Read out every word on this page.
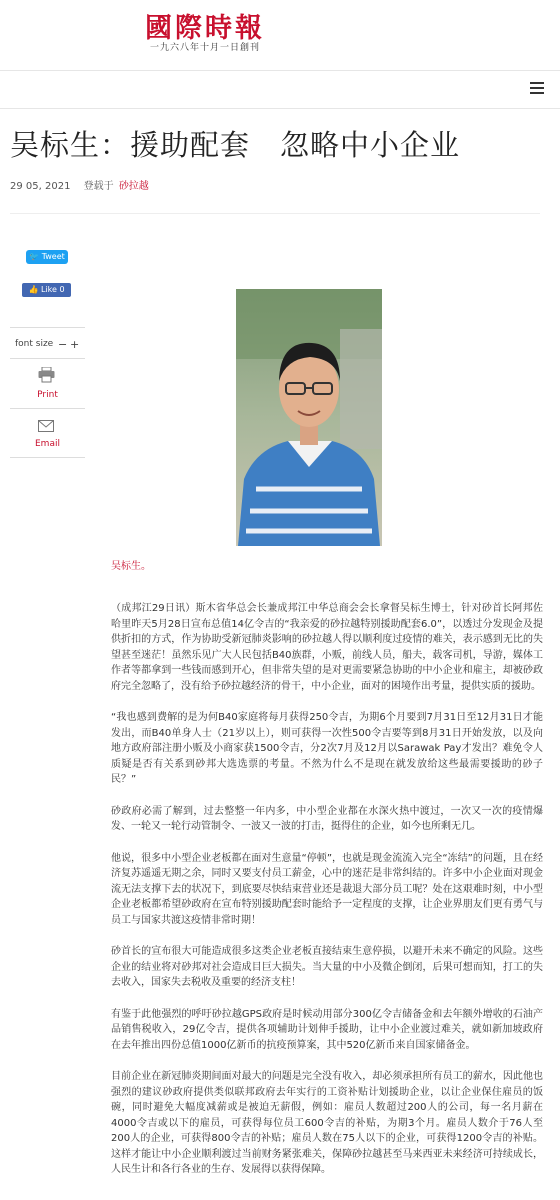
國際時報
一九六八年十月一日創刊
吴标生：援助配套　忽略中小企业
29 05, 2021 登载于 砂拉越
🐦 Tweet
👍 Like 0
font size − +
Print
Email
吴标生。

（成邦江29日讯）斯木省华总会长兼成邦江中华总商会会长拿督吴标生博士，针对砂首长阿邦佐哈里昨天5月28日宣布总值14亿令吉的“我亲爱的砂拉越特别援助配套6.0”，以透过分发现金及提供折扣的方式，作为协助受新冠肺炎影响的砂拉越人得以顺利度过疫情的难关，表示感到无比的失望甚至迷茫！虽然乐见广大人民包括B40族群，小贩，前线人员，船夫，载客司机，导游，媒体工作者等都拿到一些钱而感到开心，但非常失望的是对更需要紧急协助的中小企业和雇主，却被砂政府完全忽略了，没有给予砂拉越经济的骨干，中小企业，面对的困境作出考量，提供实质的援助。

“我也感到费解的是为何B40家庭将每月获得250令吉，为期6个月要到7月31日至12月31日才能发出，而B40单身人士（21岁以上），则可获得一次性500令吉要等到8月31日开始发放，以及向地方政府部注册小贩及小商家获1500令吉，分2次7月及12月以Sarawak Pay才发出？难免令人质疑是否有关系到砂邦大选选票的考量。不然为什么不是现在就发放给这些最需要援助的砂子民？”

砂政府必需了解到，过去整整一年内多，中小型企业都在水深火热中渡过，一次又一次的疫情爆发、一轮又一轮行动管制令、一波又一波的打击，挺得住的企业，如今也所剩无几。

他说，很多中小型企业老板都在面对生意量“停顿”，也就是现金流流入完全“冻结”的问题，且在经济复苏遥遥无期之余，同时又要支付员工薪金，心中的迷茫是非常纠结的。许多中小企业面对现金流无法支撑下去的状况下，到底要尽快结束营业还是裁退大部分员工呢？处在这艰难时刻，中小型企业老板都希望砂政府在宣布特别援助配套时能给予一定程度的支撑，让企业界朋友们更有勇气与员工与国家共渡这疫情非常时期！

砂首长的宣布很大可能造成很多这类企业老板直接结束生意停损，以避开未来不确定的风险。这些企业的结业将对砂邦对社会造成目巨大损失。当大量的中小及微企倒闭，后果可想而知，打工的失去收入，国家失去税收及重要的经济支柱！

有鉴于此他强烈的呼吁砂拉越GPS政府是时候动用部分300亿令吉储备金和去年额外增收的石油产品销售税收入，29亿令吉，提供各项辅助计划伸手援助，让中小企业渡过难关，就如新加坡政府在去年推出四份总值1000亿新币的抗疫预算案，其中520亿新币来自国家储备金。

目前企业在新冠肺炎期间面对最大的问题是完全没有收入，却必须承担所有员工的薪水，因此他也强烈的建议砂政府提供类似联邦政府去年实行的工资补贴计划援助企业，以让企业保住雇员的饭碗，同时避免大幅度减薪或是被迫无薪假，例如：雇员人数超过200人的公司，每一名月薪在4000令吉或以下的雇员，可获得每位员工600令吉的补贴，为期3个月。雇员人数介于76人至200人的企业，可获得800令吉的补贴；雇员人数在75人以下的企业，可获得1200令吉的补贴。这样才能让中小企业顺利渡过当前财务紧张难关，保障砂拉越甚至马来西亚未来经济可持续成长，人民生计和各行各业的生存、发展得以获得保障。
